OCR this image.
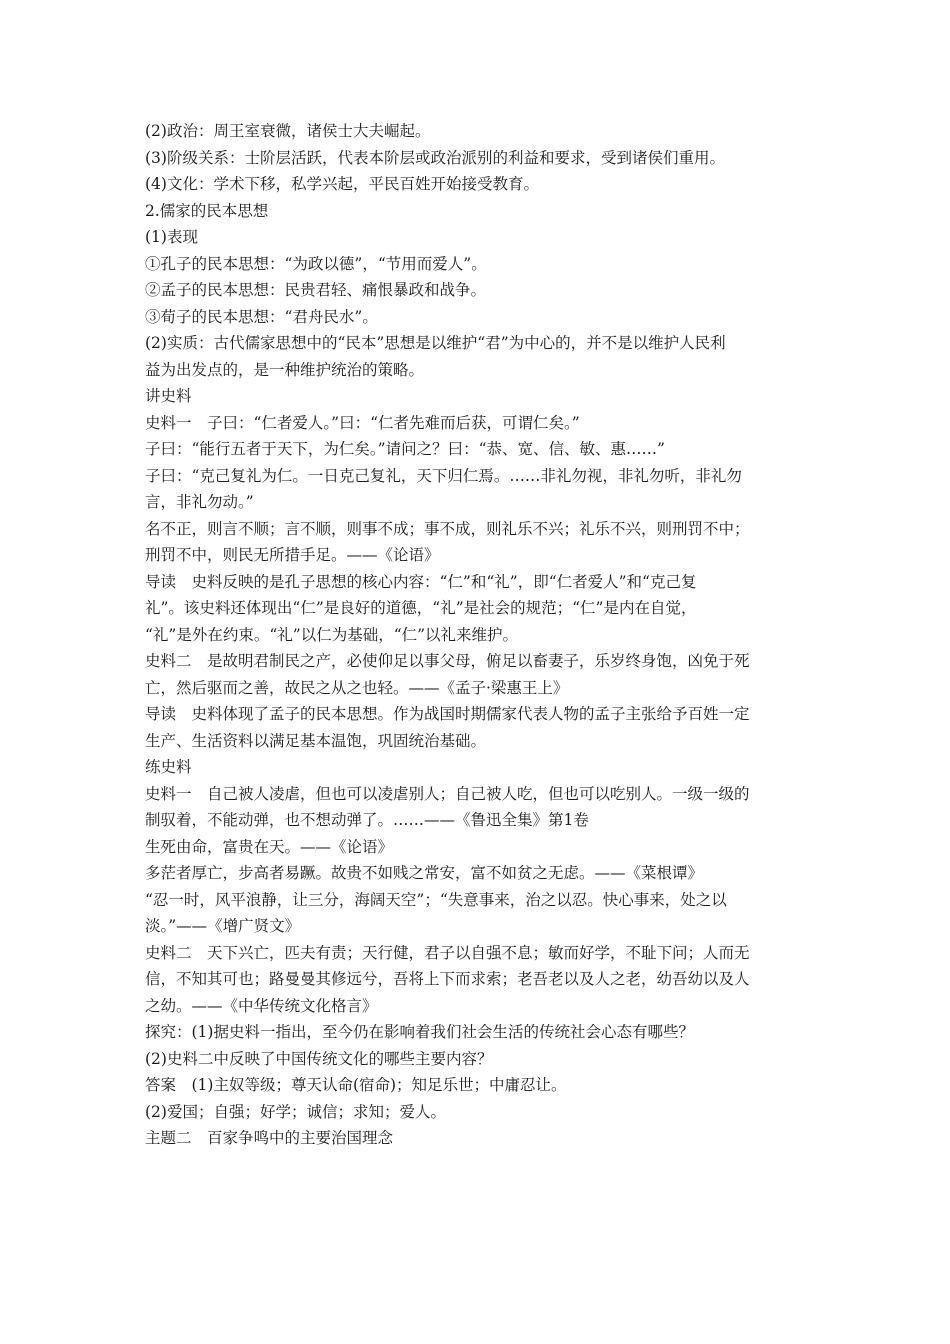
(2)政治：周王室衰微，诸侯士大夫崛起。

(3)阶级关系：士阶层活跃，代表本阶层或政治派别的利益和要求，受到诸侯们重用。

(4)文化：学术下移，私学兴起，平民百姓开始接受教育。

2.儒家的民本思想

(1)表现

①孔子的民本思想：“为政以德”，“节用而爱人”。

②孟子的民本思想：民贵君轻、痛恨暴政和战争。

③荀子的民本思想：“君舟民水”。

(2)实质：古代儒家思想中的“民本”思想是以维护“君”为中心的，并不是以维护人民利

益为出发点的，是一种维护统治的策略。

讲史料

史料一　子曰：“仁者爱人。”曰：“仁者先难而后获，可谓仁矣。”

子曰：“能行五者于天下，为仁矣。”请问之？曰：“恭、宽、信、敏、惠……”

子曰：“克己复礼为仁。一日克己复礼，天下归仁焉。……非礼勿视，非礼勿听，非礼勿

言，非礼勿动。”

名不正，则言不顺；言不顺，则事不成；事不成，则礼乐不兴；礼乐不兴，则刑罚不中；

刑罚不中，则民无所措手足。——《论语》

导读　史料反映的是孔子思想的核心内容：“仁”和“礼”，即“仁者爱人”和“克己复

礼”。该史料还体现出“仁”是良好的道德，“礼”是社会的规范；“仁”是内在自觉，

“礼”是外在约束。“礼”以仁为基础，“仁”以礼来维护。

史料二　是故明君制民之产，必使仰足以事父母，俯足以畜妻子，乐岁终身饱，凶免于死

亡，然后驱而之善，故民之从之也轻。——《孟子·梁惠王上》

导读　史料体现了孟子的民本思想。作为战国时期儒家代表人物的孟子主张给予百姓一定

生产、生活资料以满足基本温饱，巩固统治基础。

练史料

史料一　自己被人凌虐，但也可以凌虐别人；自己被人吃，但也可以吃别人。一级一级的

制驭着，不能动弹，也不想动弹了。……——《鲁迅全集》第1卷

生死由命，富贵在天。——《论语》

多茫者厚亡，步高者易蹶。故贵不如贱之常安，富不如贫之无虑。——《菜根谭》

“忍一时，风平浪静，让三分，海阔天空”；“失意事来，治之以忍。快心事来，处之以

淡。”——《增广贤文》

史料二　天下兴亡，匹夫有责；天行健，君子以自强不息；敏而好学，不耻下问；人而无

信，不知其可也；路曼曼其修远兮，吾将上下而求索；老吾老以及人之老，幼吾幼以及人

之幼。——《中华传统文化格言》

探究：(1)据史料一指出，至今仍在影响着我们社会生活的传统社会心态有哪些？

(2)史料二中反映了中国传统文化的哪些主要内容？

答案　(1)主奴等级；尊天认命(宿命)；知足乐世；中庸忍让。

(2)爱国；自强；好学；诚信；求知；爱人。

主题二　百家争鸣中的主要治国理念
